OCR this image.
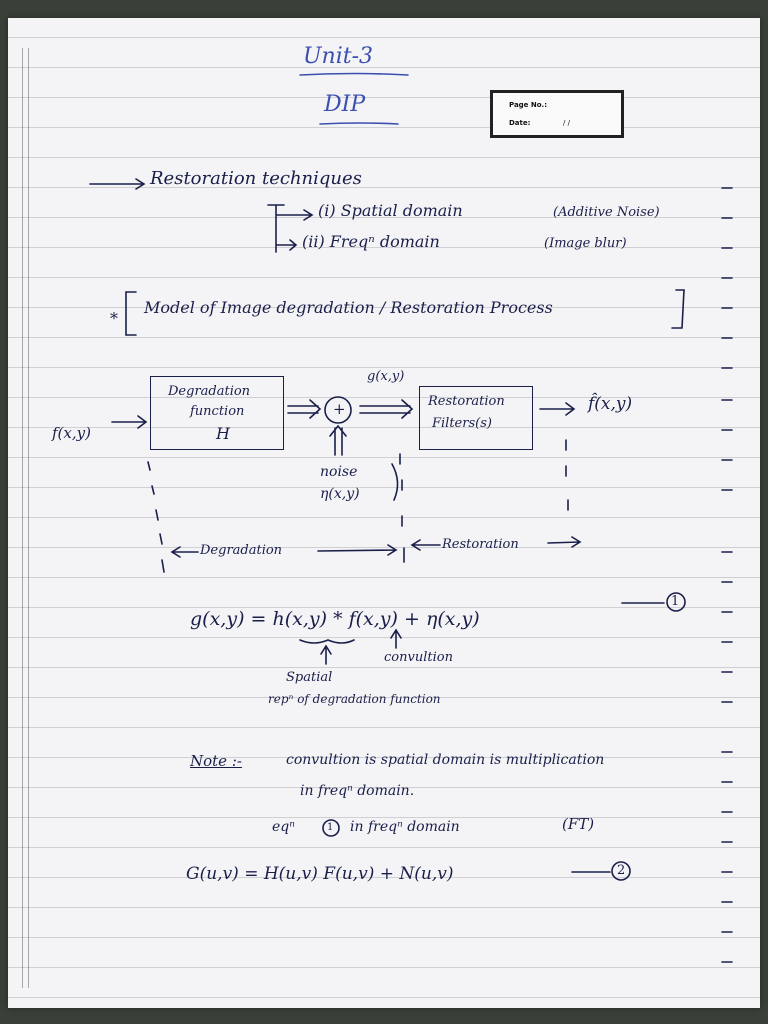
Unit-3
DIP	Page No.:
Date:	/ /
Restoration techniques
(i) Spatial domain	(Additive Noise)
(ii) Freqⁿ domain	(Image blur)
Model of Image degradation / Restoration Process
f(x,y)
Degradation
function
H
+
g(x,y)
Restoration
Filters(s)
f̂(x,y)
noise
η(x,y)
Degradation	Restoration
g(x,y) = h(x,y) * f(x,y) + η(x,y)
1
convultion
Spatial
repⁿ of degradation function
Note :-	convultion is spatial domain is multiplication
in freqⁿ domain.
eqⁿ	1 in freqⁿ domain	(FT)
G(u,v) = H(u,v) F(u,v) + N(u,v)	2
*
